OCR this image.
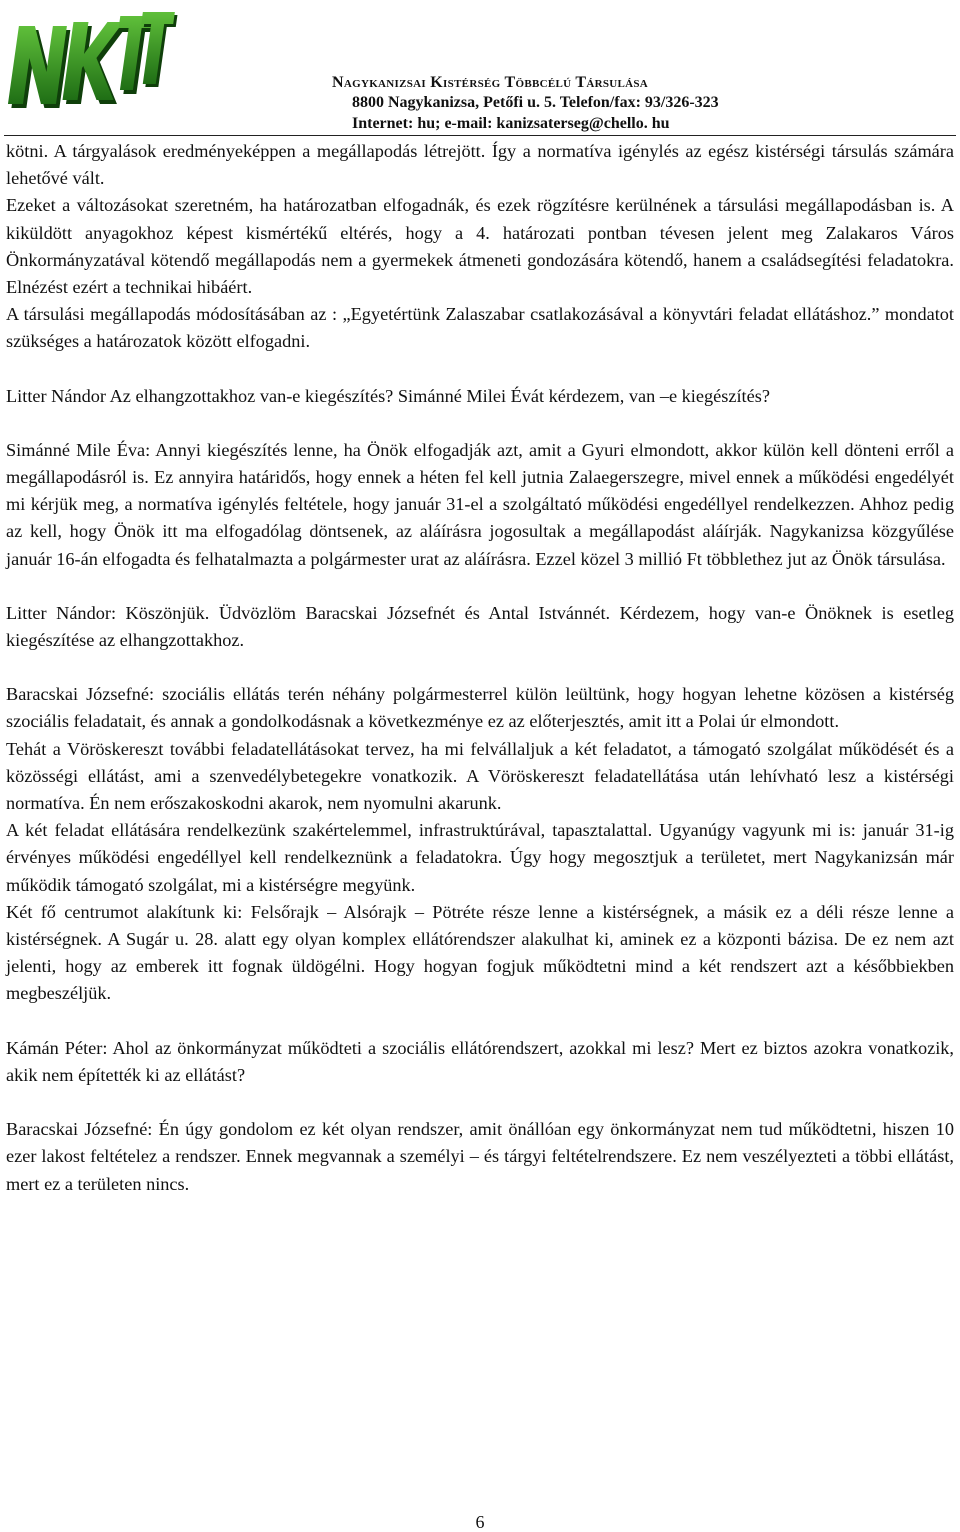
Nagykanizsai Kistérség Többcélú Társulása
8800 Nagykanizsa, Petőfi u. 5. Telefon/fax: 93/326-323
Internet: hu; e-mail: kanizsaterseg@chello. hu

kötni. A tárgyalások eredményeképpen a megállapodás létrejött. Így a normatíva igénylés az egész kistérségi társulás számára lehetővé vált.

Ezeket a változásokat szeretném, ha határozatban elfogadnák, és ezek rögzítésre kerülnének a társulási megállapodásban is. A kiküldött anyagokhoz képest kismértékű eltérés, hogy a 4. határozati pontban tévesen jelent meg Zalakaros Város Önkormányzatával kötendő megállapodás nem a gyermekek átmeneti gondozására kötendő, hanem a családsegítési feladatokra. Elnézést ezért a technikai hibáért.

A társulási megállapodás módosításában az : „Egyetértünk Zalaszabar csatlakozásával a könyvtári feladat ellátáshoz.” mondatot szükséges a határozatok között elfogadni.

Litter Nándor Az elhangzottakhoz van-e kiegészítés? Simánné Milei Évát kérdezem, van –e kiegészítés?

Simánné Mile Éva: Annyi kiegészítés lenne, ha Önök elfogadják azt, amit a Gyuri elmondott, akkor külön kell dönteni erről a megállapodásról is. Ez annyira határidős, hogy ennek a héten fel kell jutnia Zalaegerszegre, mivel ennek a működési engedélyét mi kérjük meg, a normatíva igénylés feltétele, hogy január 31-el a szolgáltató működési engedéllyel rendelkezzen. Ahhoz pedig az kell, hogy Önök itt ma elfogadólag döntsenek, az aláírásra jogosultak a megállapodást aláírják. Nagykanizsa közgyűlése január 16-án elfogadta és felhatalmazta a polgármester urat az aláírásra. Ezzel közel 3 millió Ft többlethez jut az Önök társulása.

Litter Nándor: Köszönjük. Üdvözlöm Baracskai Józsefnét és Antal Istvánnét. Kérdezem, hogy van-e Önöknek is esetleg kiegészítése az elhangzottakhoz.

Baracskai Józsefné: szociális ellátás terén néhány polgármesterrel külön leültünk, hogy hogyan lehetne közösen a kistérség szociális feladatait, és annak a gondolkodásnak a következménye ez az előterjesztés, amit itt a Polai úr elmondott.

Tehát a Vöröskereszt további feladatellátásokat tervez, ha mi felvállaljuk a két feladatot, a támogató szolgálat működését és a közösségi ellátást, ami a szenvedélybetegekre vonatkozik. A Vöröskereszt feladatellátása után lehívható lesz a kistérségi normatíva. Én nem erőszakoskodni akarok, nem nyomulni akarunk.

A két feladat ellátására rendelkezünk szakértelemmel, infrastruktúrával, tapasztalattal. Ugyanúgy vagyunk mi is: január 31-ig érvényes működési engedéllyel kell rendelkeznünk a feladatokra. Úgy hogy megosztjuk a területet, mert Nagykanizsán már működik támogató szolgálat, mi a kistérségre megyünk.

Két fő centrumot alakítunk ki: Felsőrajk – Alsórajk – Pötréte része lenne a kistérségnek, a másik ez a déli része lenne a kistérségnek. A Sugár u. 28. alatt egy olyan komplex ellátórendszer alakulhat ki, aminek ez a központi bázisa. De ez nem azt jelenti, hogy az emberek itt fognak üldögélni. Hogy hogyan fogjuk működtetni mind a két rendszert azt a későbbiekben megbeszéljük.

Kámán Péter: Ahol az önkormányzat működteti a szociális ellátórendszert, azokkal mi lesz? Mert ez biztos azokra vonatkozik, akik nem építették ki az ellátást?

Baracskai Józsefné: Én úgy gondolom ez két olyan rendszer, amit önállóan egy önkormányzat nem tud működtetni, hiszen 10 ezer lakost feltételez a rendszer. Ennek megvannak a személyi – és tárgyi feltételrendszere. Ez nem veszélyezteti a többi ellátást, mert ez a területen nincs.

6
